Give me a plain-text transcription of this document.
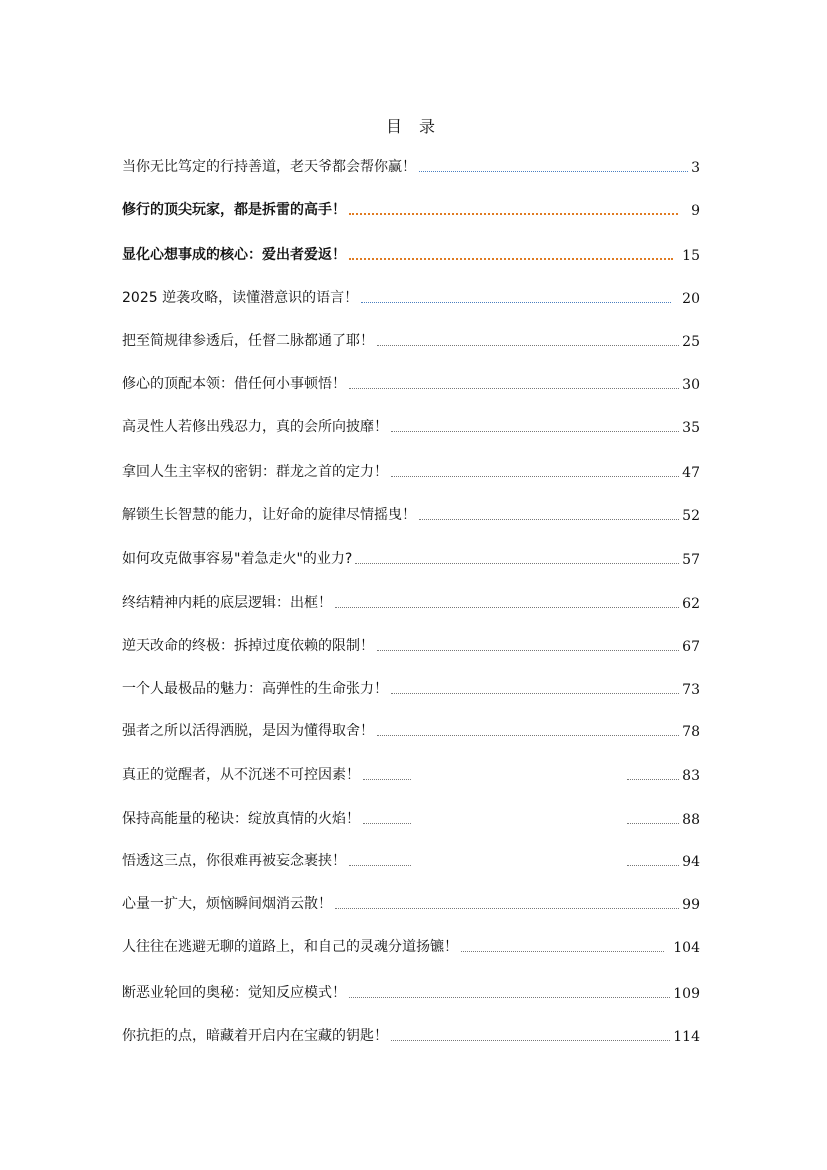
目 录
当你无比笃定的行持善道，老天爷都会帮你赢！	3
修行的顶尖玩家，都是拆雷的高手！	9
显化心想事成的核心：爱出者爱返！	15
2025 逆袭攻略，读懂潜意识的语言！	20
把至简规律参透后，任督二脉都通了耶！	25
修心的顶配本领：借任何小事顿悟！	30
高灵性人若修出残忍力，真的会所向披靡！	35
拿回人生主宰权的密钥：群龙之首的定力！	47
解锁生长智慧的能力，让好命的旋律尽情摇曳！	52
如何攻克做事容易"着急走火"的业力?	57
终结精神内耗的底层逻辑：出框！	62
逆天改命的终极：拆掉过度依赖的限制！	67
一个人最极品的魅力：高弹性的生命张力！	73
强者之所以活得洒脱，是因为懂得取舍！	78
真正的觉醒者，从不沉迷不可控因素！	83
保持高能量的秘诀：绽放真情的火焰！	88
悟透这三点，你很难再被妄念裹挟！	94
心量一扩大，烦恼瞬间烟消云散！	99
人往往在逃避无聊的道路上，和自己的灵魂分道扬镳！	104
断恶业轮回的奥秘：觉知反应模式！	109
你抗拒的点，暗藏着开启内在宝藏的钥匙！	114
